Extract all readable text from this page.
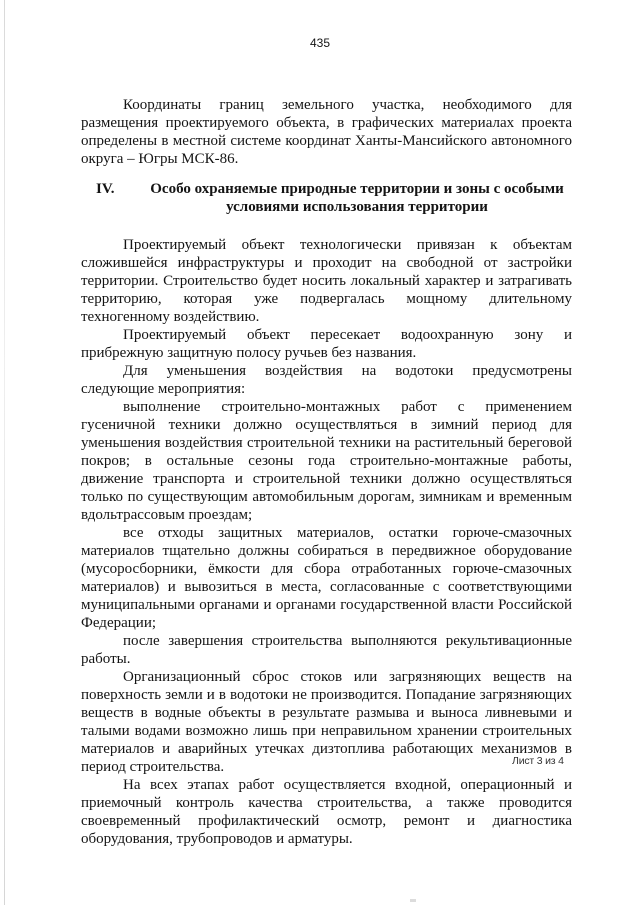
435

Координаты границ земельного участка, необходимого для размещения проектируемого объекта, в графических материалах проекта определены в местной системе координат Ханты-Мансийского автономного округа – Югры МСК-86.

IV.	Особо охраняемые природные территории и зоны с особыми условиями использования территории

Проектируемый объект технологически привязан к объектам сложившейся инфраструктуры и проходит на свободной от застройки территории. Строительство будет носить локальный характер и затрагивать территорию, которая уже подвергалась мощному длительному техногенному воздействию.

Проектируемый объект пересекает водоохранную зону и прибрежную защитную полосу ручьев без названия.

Для уменьшения воздействия на водотоки предусмотрены следующие мероприятия:

выполнение строительно-монтажных работ с применением гусеничной техники должно осуществляться в зимний период для уменьшения воздействия строительной техники на растительный береговой покров; в остальные сезоны года строительно-монтажные работы, движение транспорта и строительной техники должно осуществляться только по существующим автомобильным дорогам, зимникам и временным вдольтрассовым проездам;

все отходы защитных материалов, остатки горюче-смазочных материалов тщательно должны собираться в передвижное оборудование (мусоросборники, ёмкости для сбора отработанных горюче-смазочных материалов) и вывозиться в места, согласованные с соответствующими муниципальными органами и органами государственной власти Российской Федерации;

после завершения строительства выполняются рекультивационные работы.

Организационный сброс стоков или загрязняющих веществ на поверхность земли и в водотоки не производится. Попадание загрязняющих веществ в водные объекты в результате размыва и выноса ливневыми и талыми водами возможно лишь при неправильном хранении строительных материалов и аварийных утечках дизтоплива работающих механизмов в период строительства.

На всех этапах работ осуществляется входной, операционный и приемочный контроль качества строительства, а также проводится своевременный профилактический осмотр, ремонт и диагностика оборудования, трубопроводов и арматуры.

Лист 3 из 4
